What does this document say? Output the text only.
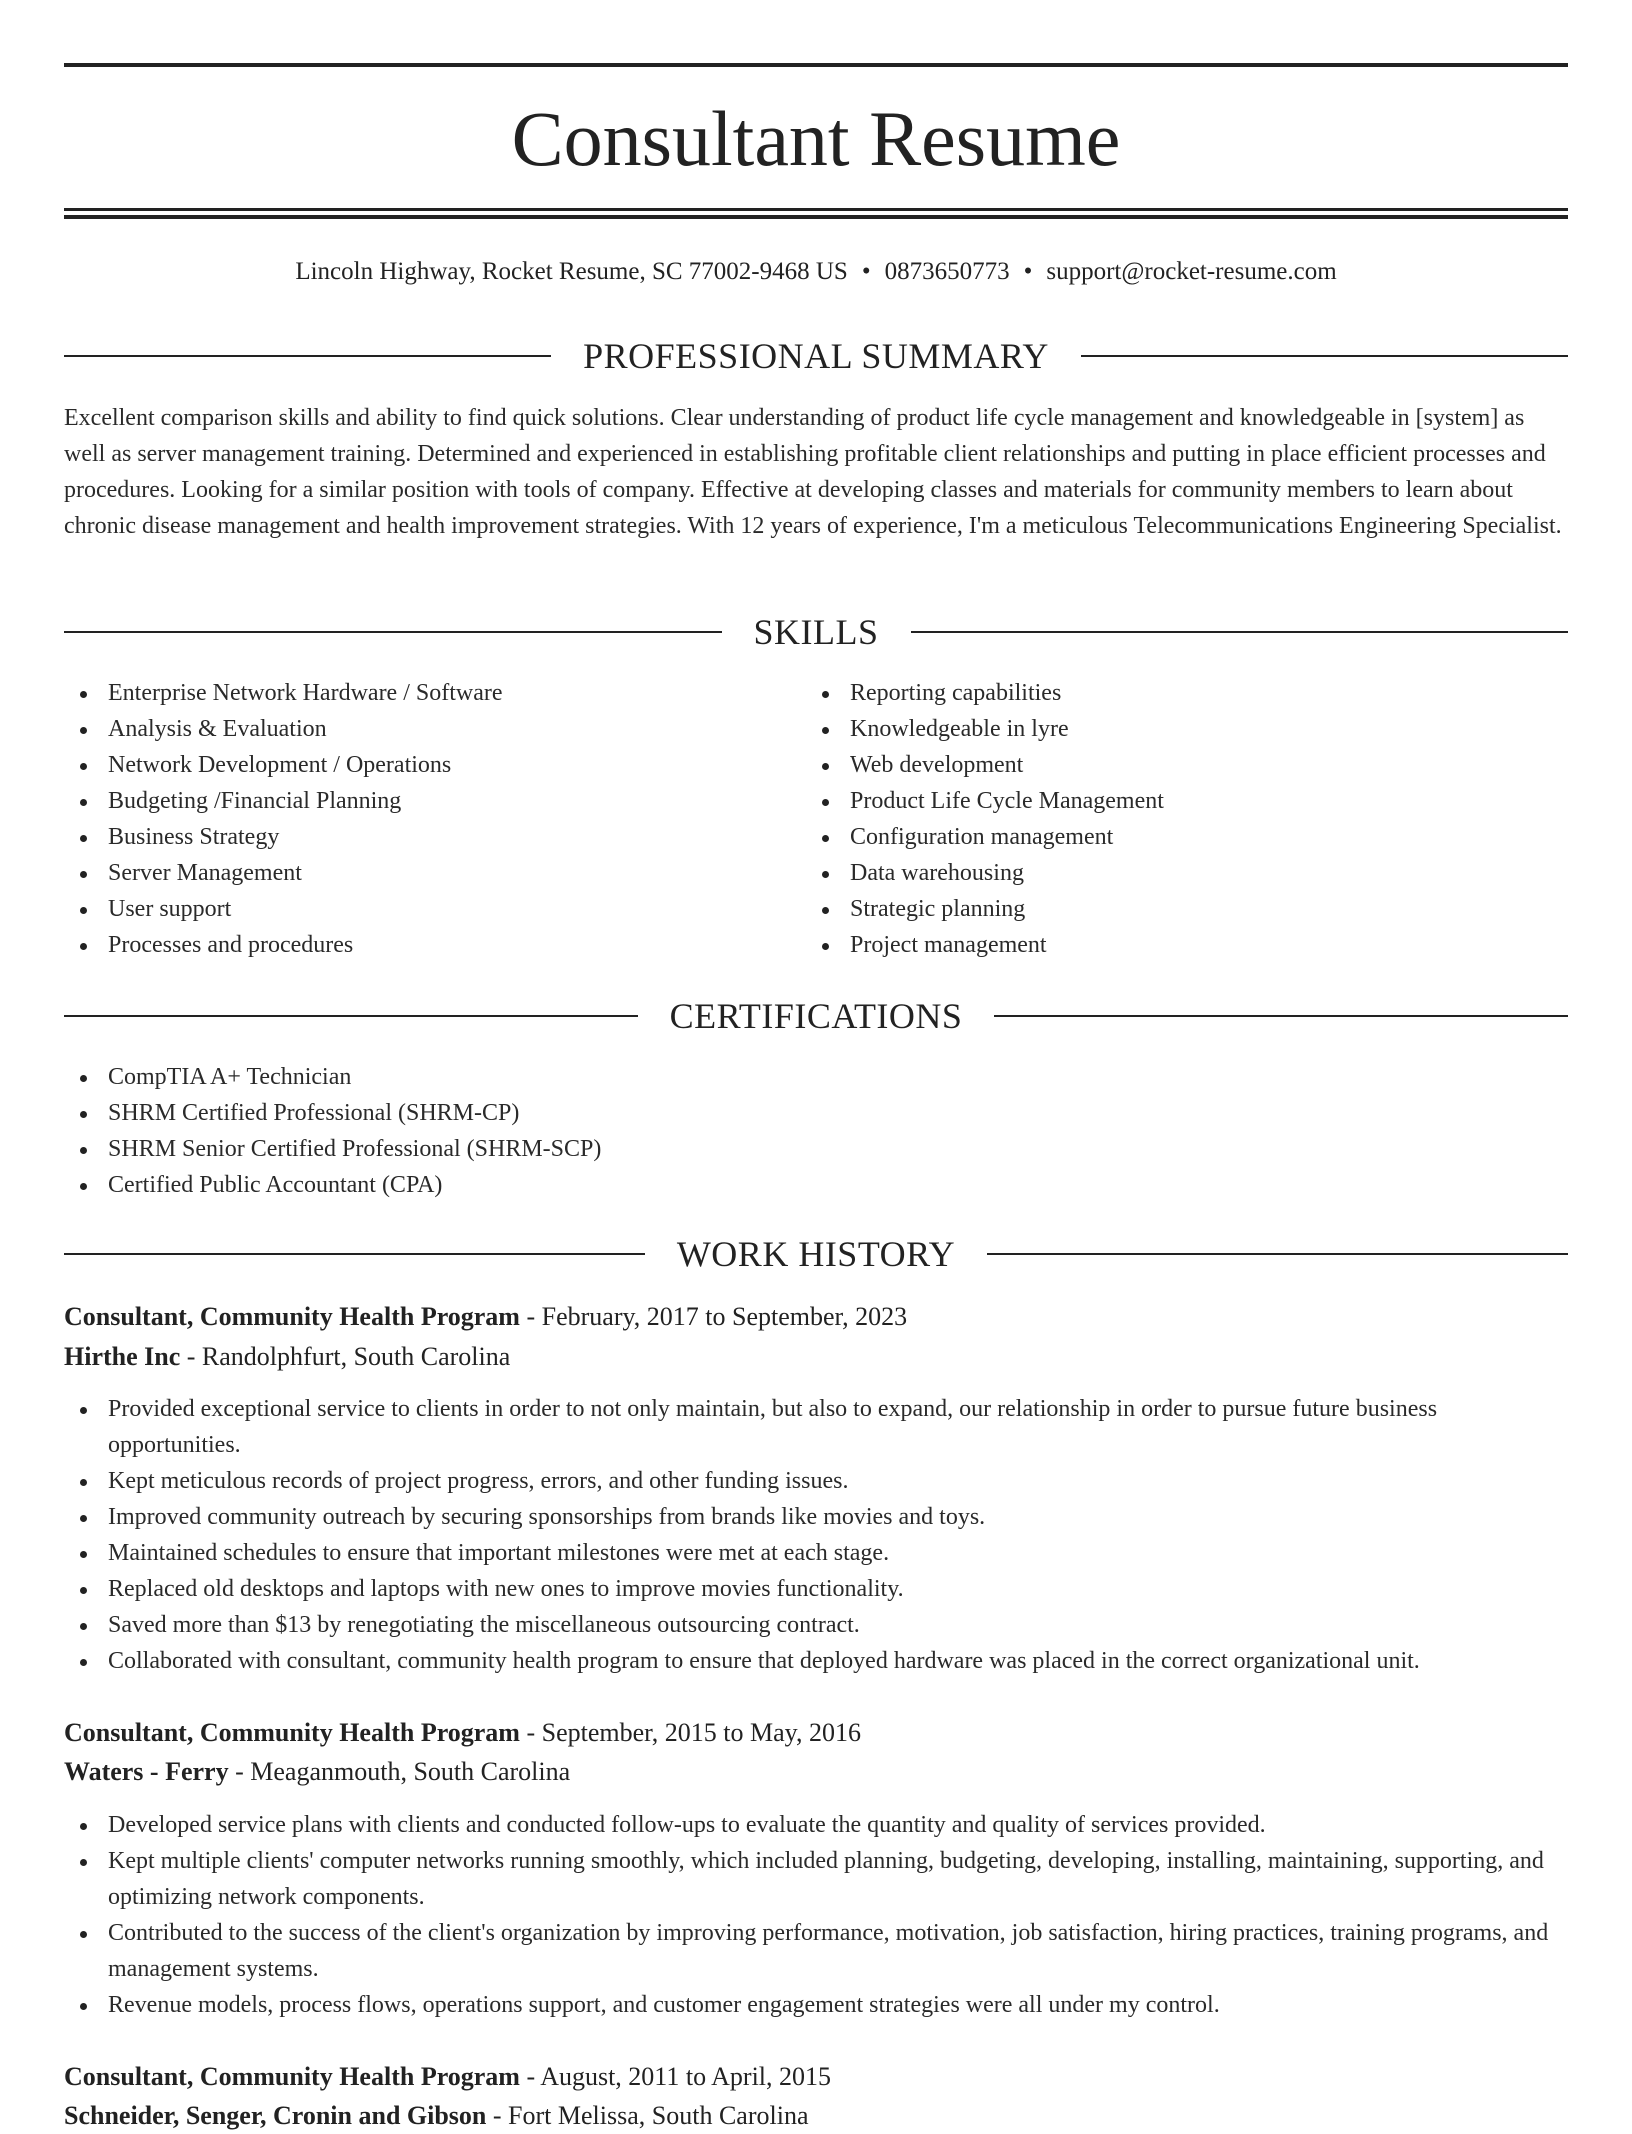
Consultant Resume
Lincoln Highway, Rocket Resume, SC 77002-9468 US • 0873650773 • support@rocket-resume.com
PROFESSIONAL SUMMARY

Excellent comparison skills and ability to find quick solutions. Clear understanding of product life cycle management and knowledgeable in [system] as well as server management training. Determined and experienced in establishing profitable client relationships and putting in place efficient processes and procedures. Looking for a similar position with tools of company. Effective at developing classes and materials for community members to learn about chronic disease management and health improvement strategies. With 12 years of experience, I'm a meticulous Telecommunications Engineering Specialist.

SKILLS
Enterprise Network Hardware / Software
Analysis & Evaluation
Network Development / Operations
Budgeting /Financial Planning
Business Strategy
Server Management
User support
Processes and procedures
Reporting capabilities
Knowledgeable in lyre
Web development
Product Life Cycle Management
Configuration management
Data warehousing
Strategic planning
Project management
CERTIFICATIONS
CompTIA A+ Technician
SHRM Certified Professional (SHRM-CP)
SHRM Senior Certified Professional (SHRM-SCP)
Certified Public Accountant (CPA)
WORK HISTORY
Consultant, Community Health Program - February, 2017 to September, 2023
Hirthe Inc - Randolphfurt, South Carolina
Provided exceptional service to clients in order to not only maintain, but also to expand, our relationship in order to pursue future business opportunities.
Kept meticulous records of project progress, errors, and other funding issues.
Improved community outreach by securing sponsorships from brands like movies and toys.
Maintained schedules to ensure that important milestones were met at each stage.
Replaced old desktops and laptops with new ones to improve movies functionality.
Saved more than $13 by renegotiating the miscellaneous outsourcing contract.
Collaborated with consultant, community health program to ensure that deployed hardware was placed in the correct organizational unit.
Consultant, Community Health Program - September, 2015 to May, 2016
Waters - Ferry - Meaganmouth, South Carolina
Developed service plans with clients and conducted follow-ups to evaluate the quantity and quality of services provided.
Kept multiple clients' computer networks running smoothly, which included planning, budgeting, developing, installing, maintaining, supporting, and optimizing network components.
Contributed to the success of the client's organization by improving performance, motivation, job satisfaction, hiring practices, training programs, and management systems.
Revenue models, process flows, operations support, and customer engagement strategies were all under my control.
Consultant, Community Health Program - August, 2011 to April, 2015
Schneider, Senger, Cronin and Gibson - Fort Melissa, South Carolina
